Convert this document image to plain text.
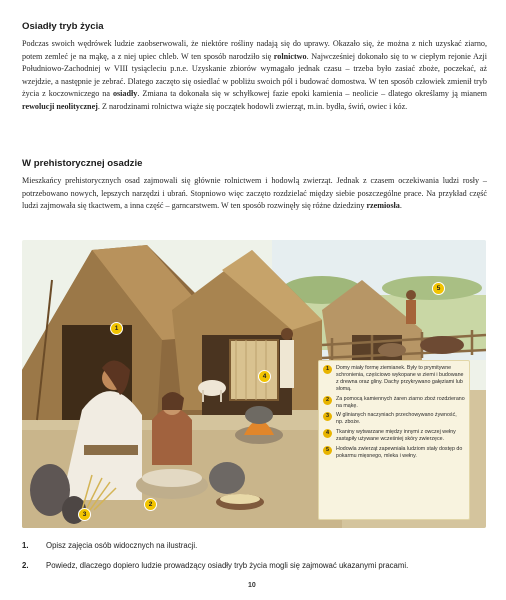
Osiadły tryb życia

Podczas swoich wędrówek ludzie zaobserwowali, że niektóre rośliny nadają się do uprawy. Okazało się, że można z nich uzyskać ziarno, potem zemleć je na mąkę, a z niej upiec chleb. W ten sposób narodziło się rolnictwo. Najwcześniej dokonało się to w ciepłym rejonie Azji Południowo-Zachodniej w VIII tysiącleciu p.n.e. Uzyskanie zbiorów wymagało jednak czasu – trzeba było zasiać zboże, poczekać, aż wzejdzie, a następnie je zebrać. Dlatego zaczęto się osiedlać w pobliżu swoich pól i budować domostwa. W ten sposób człowiek zmienił tryb życia z koczowniczego na osiadły. Zmiana ta dokonała się w schyłkowej fazie epoki kamienia – neolicie – dlatego określamy ją mianem rewolucji neolitycznej. Z narodzinami rolnictwa wiąże się początek hodowli zwierząt, m.in. bydła, świń, owiec i kóz.

W prehistorycznej osadzie

Mieszkańcy prehistorycznych osad zajmowali się głównie rolnictwem i hodowlą zwierząt. Jednak z czasem oczekiwania ludzi rosły – potrzebowano nowych, lepszych narzędzi i ubrań. Stopniowo więc zaczęto rozdzielać między siebie poszczególne prace. Na przykład część ludzi zajmowała się tkactwem, a inna część – garncarstwem. W ten sposób rozwinęły się różne dziedziny rzemiosła.

1
2
3
4
5
1	Domy miały formę ziemianek. Były to prymitywne schronienia, częściowo wykopane w ziemi i budowane z drewna oraz gliny. Dachy przykrywano gałęziami lub słomą.
2	Za pomocą kamiennych żaren ziarno zboż rozdzierano na mąkę.
3	W glinianych naczyniach przechowywano żywność, np. zboże.
4	Tkaniny wytwarzane między innymi z owczej wełny zastąpiły używane wcześniej skóry zwierzęce.
5	Hodowla zwierząt zapewniała ludziom stały dostęp do pokarmu mięsnego, mleka i wełny.
1.	Opisz zajęcia osób widocznych na ilustracji.
2.	Powiedz, dlaczego dopiero ludzie prowadzący osiadły tryb życia mogli się zajmować ukazanymi pracami.
10
